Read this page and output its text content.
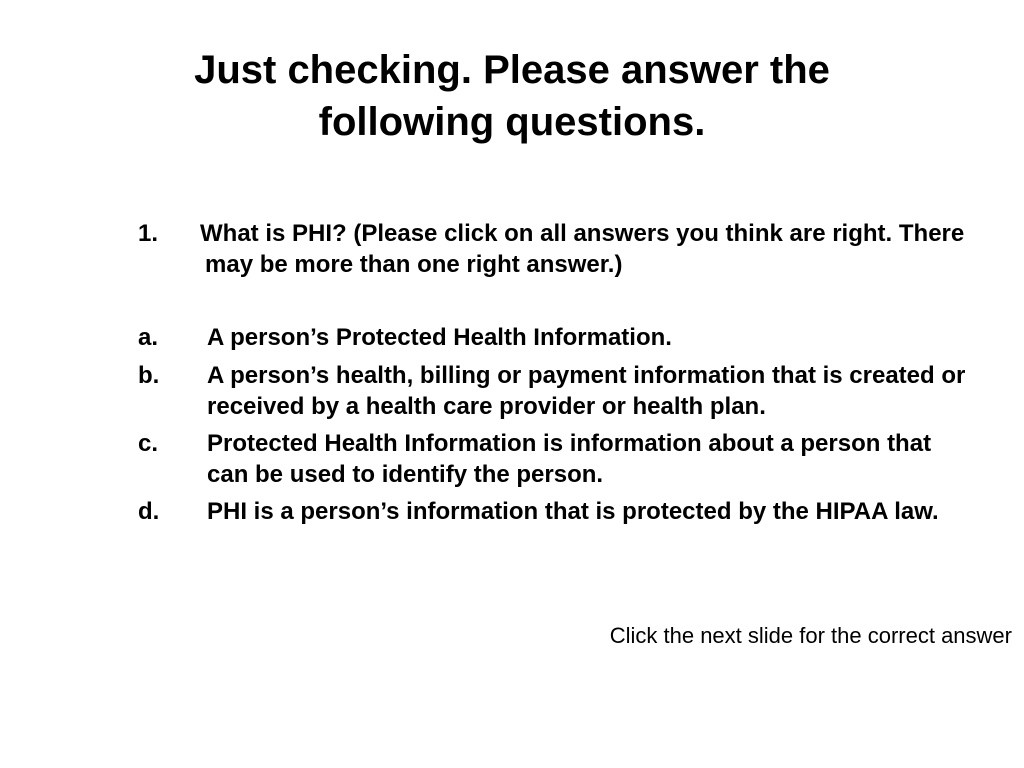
Just checking. Please answer the
following questions.
1.	What is PHI? (Please click on all answers you think are right. There may be more than one right answer.)
a. A person’s Protected Health Information.
b. A person’s health, billing or payment information that is created or received by a health care provider or health plan.
c. Protected Health Information is information about a person that can be used to identify the person.
d. PHI is a person’s information that is protected by the HIPAA law.
Click the next slide for the correct answer
